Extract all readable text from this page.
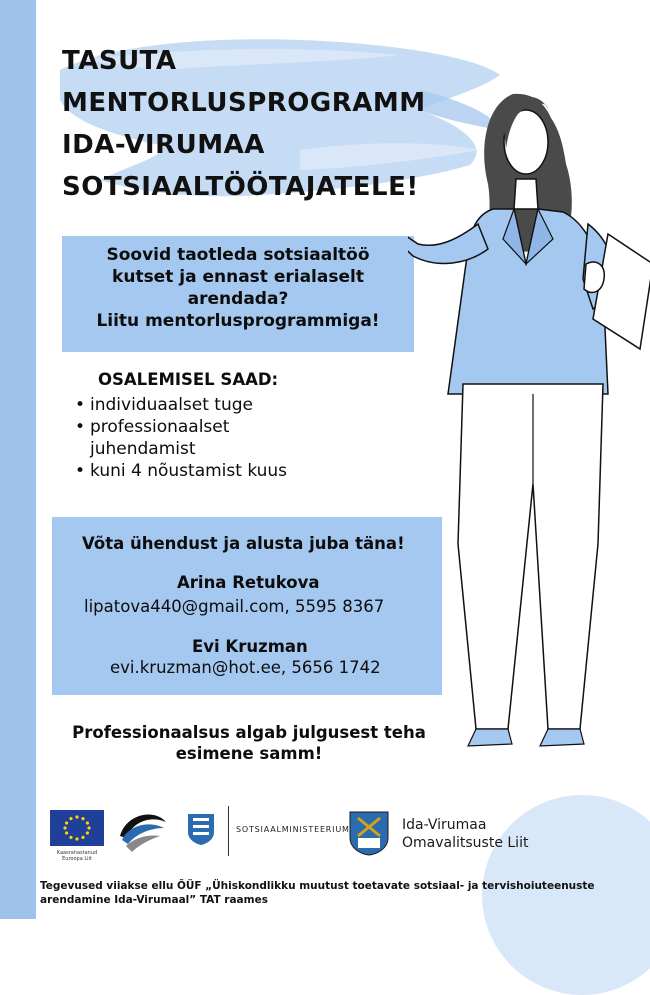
TASUTA
MENTORLUSPROGRAMM
IDA-VIRUMAA
SOTSIAALTÖÖTAJATELE!
Soovid taotleda sotsiaaltöö
kutset ja ennast erialaselt
arendada?
Liitu mentorlusprogrammiga!
OSALEMISEL SAAD:
• individuaalset tuge
• professionaalset juhendamist
• kuni 4 nõustamist kuus
Võta ühendust ja alusta juba täna!
Arina Retukova
lipatova440@gmail.com, 5595 8367
Evi Kruzman
evi.kruzman@hot.ee, 5656 1742
Professionaalsus algab julgusest teha
esimene samm!
Kaasrahastanud
Euroopa Liit
SOTSIAALMINISTEERIUM	Ida-Virumaa
Omavalitsuste Liit
Tegevused viiakse ellu ÕÜF „Ühiskondlikku muutust toetavate sotsiaal- ja tervishoiuteenuste
arendamine Ida-Virumaal” TAT raames
